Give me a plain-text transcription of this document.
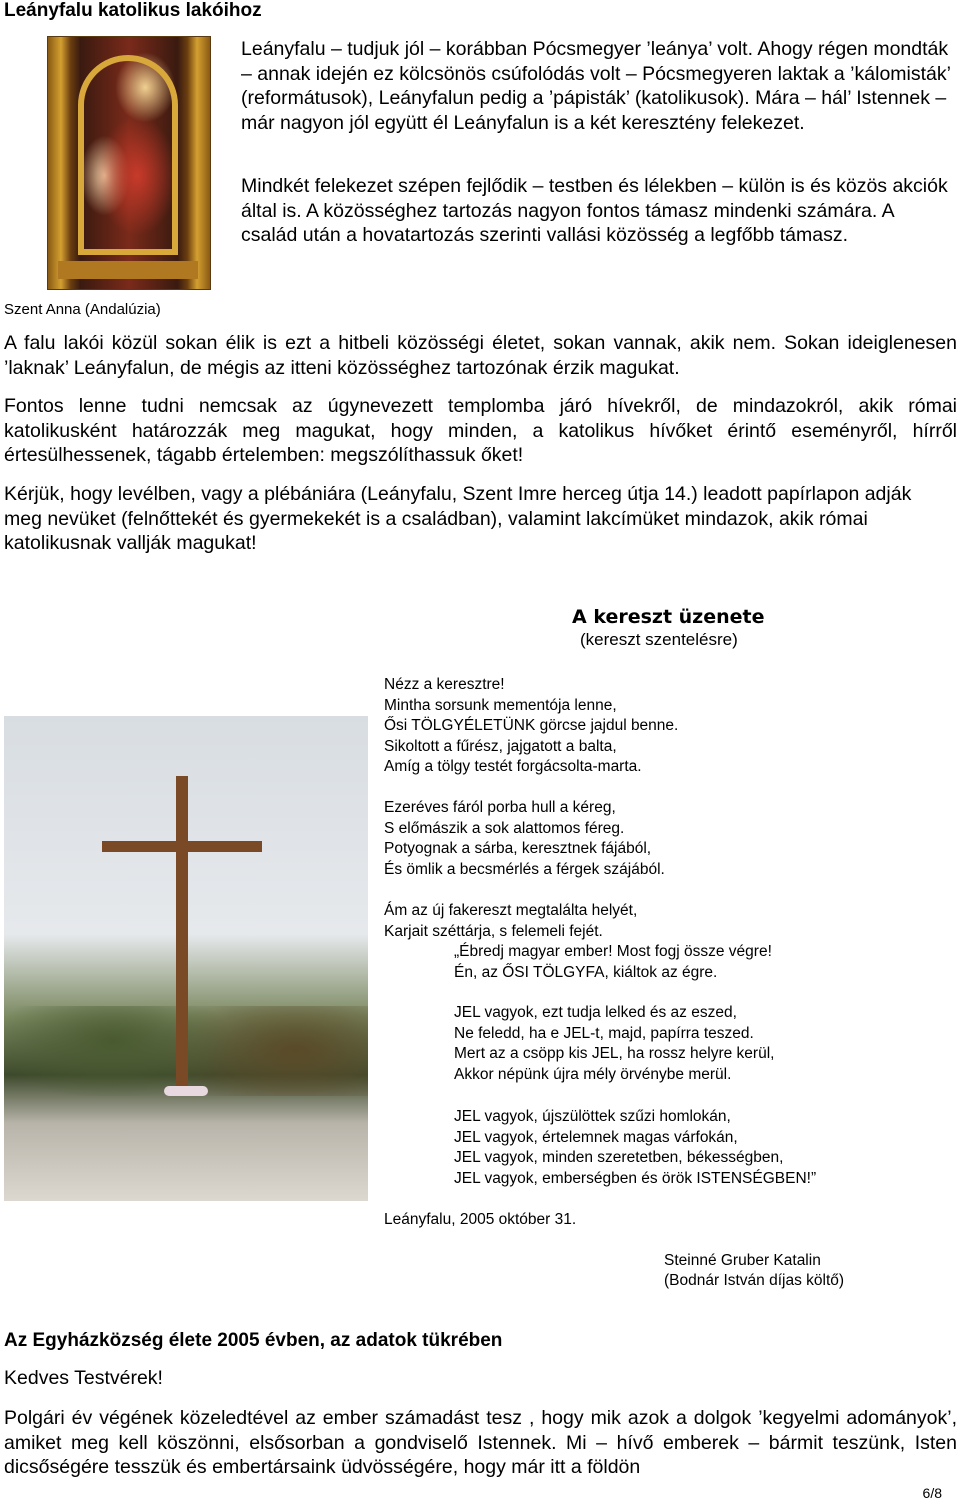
Leányfalu katolikus lakóihoz
Szent Anna (Andalúzia)

Leányfalu – tudjuk jól – korábban Pócsmegyer ’leánya’ volt. Ahogy régen mondták – annak idején ez kölcsönös csúfolódás volt – Pócsmegyeren laktak a ’kálomisták’ (reformátusok), Leányfalun pedig a ’pápisták’ (katolikusok). Mára – hál’ Istennek – már nagyon jól együtt él Leányfalun is a két keresztény felekezet.

Mindkét felekezet szépen fejlődik – testben és lélekben – külön is és közös akciók által is. A közösséghez tartozás nagyon fontos támasz mindenki számára. A család után a hovatartozás szerinti vallási közösség a legfőbb támasz.

A falu lakói közül sokan élik is ezt a hitbeli közösségi életet, sokan vannak, akik nem. Sokan ideiglenesen ’laknak’ Leányfalun, de mégis az itteni közösséghez tartozónak érzik magukat.

Fontos lenne tudni nemcsak az úgynevezett templomba járó hívekről, de mindazokról, akik római katolikusként határozzák meg magukat, hogy minden, a katolikus hívőket érintő eseményről, hírről értesülhessenek, tágabb értelemben: megszólíthassuk őket!

Kérjük, hogy levélben, vagy a plébániára (Leányfalu, Szent Imre herceg útja 14.) leadott papírlapon adják meg nevüket (felnőttekét és gyermekekét is a családban), valamint lakcímüket mindazok, akik római katolikusnak vallják magukat!

A kereszt üzenete
(kereszt szentelésre)
Nézz a keresztre!
Mintha sorsunk mementója lenne,
Ősi TÖLGYÉLETÜNK görcse jajdul benne.
Sikoltott a fűrész, jajgatott a balta,
Amíg a tölgy testét forgácsolta-marta.
Ezeréves fáról porba hull a kéreg,
S előmászik a sok alattomos féreg.
Potyognak a sárba, keresztnek fájából,
És ömlik a becsmérlés a férgek szájából.
Ám az új fakereszt megtalálta helyét,
Karjait széttárja, s felemeli fejét.
„Ébredj magyar ember! Most fogj össze végre!
Én, az ŐSI TÖLGYFA, kiáltok az égre.
JEL vagyok, ezt tudja lelked és az eszed,
Ne feledd, ha e JEL-t, majd, papírra teszed.
Mert az a csöpp kis JEL, ha rossz helyre kerül,
Akkor népünk újra mély örvénybe merül.
JEL vagyok, újszülöttek szűzi homlokán,
JEL vagyok, értelemnek magas várfokán,
JEL vagyok, minden szeretetben, békességben,
JEL vagyok, emberségben és örök ISTENSÉGBEN!”
Leányfalu, 2005 október 31.
Steinné Gruber Katalin
(Bodnár István díjas költő)
Az Egyházközség élete 2005 évben, az adatok tükrében
Kedves Testvérek!

Polgári év végének közeledtével az ember számadást tesz , hogy mik azok a dolgok ’kegyelmi adományok’, amiket meg kell köszönni, elsősorban a gondviselő Istennek. Mi – hívő emberek – bármit teszünk, Isten dicsőségére tesszük és embertársaink üdvösségére, hogy már itt a földön

6/8
